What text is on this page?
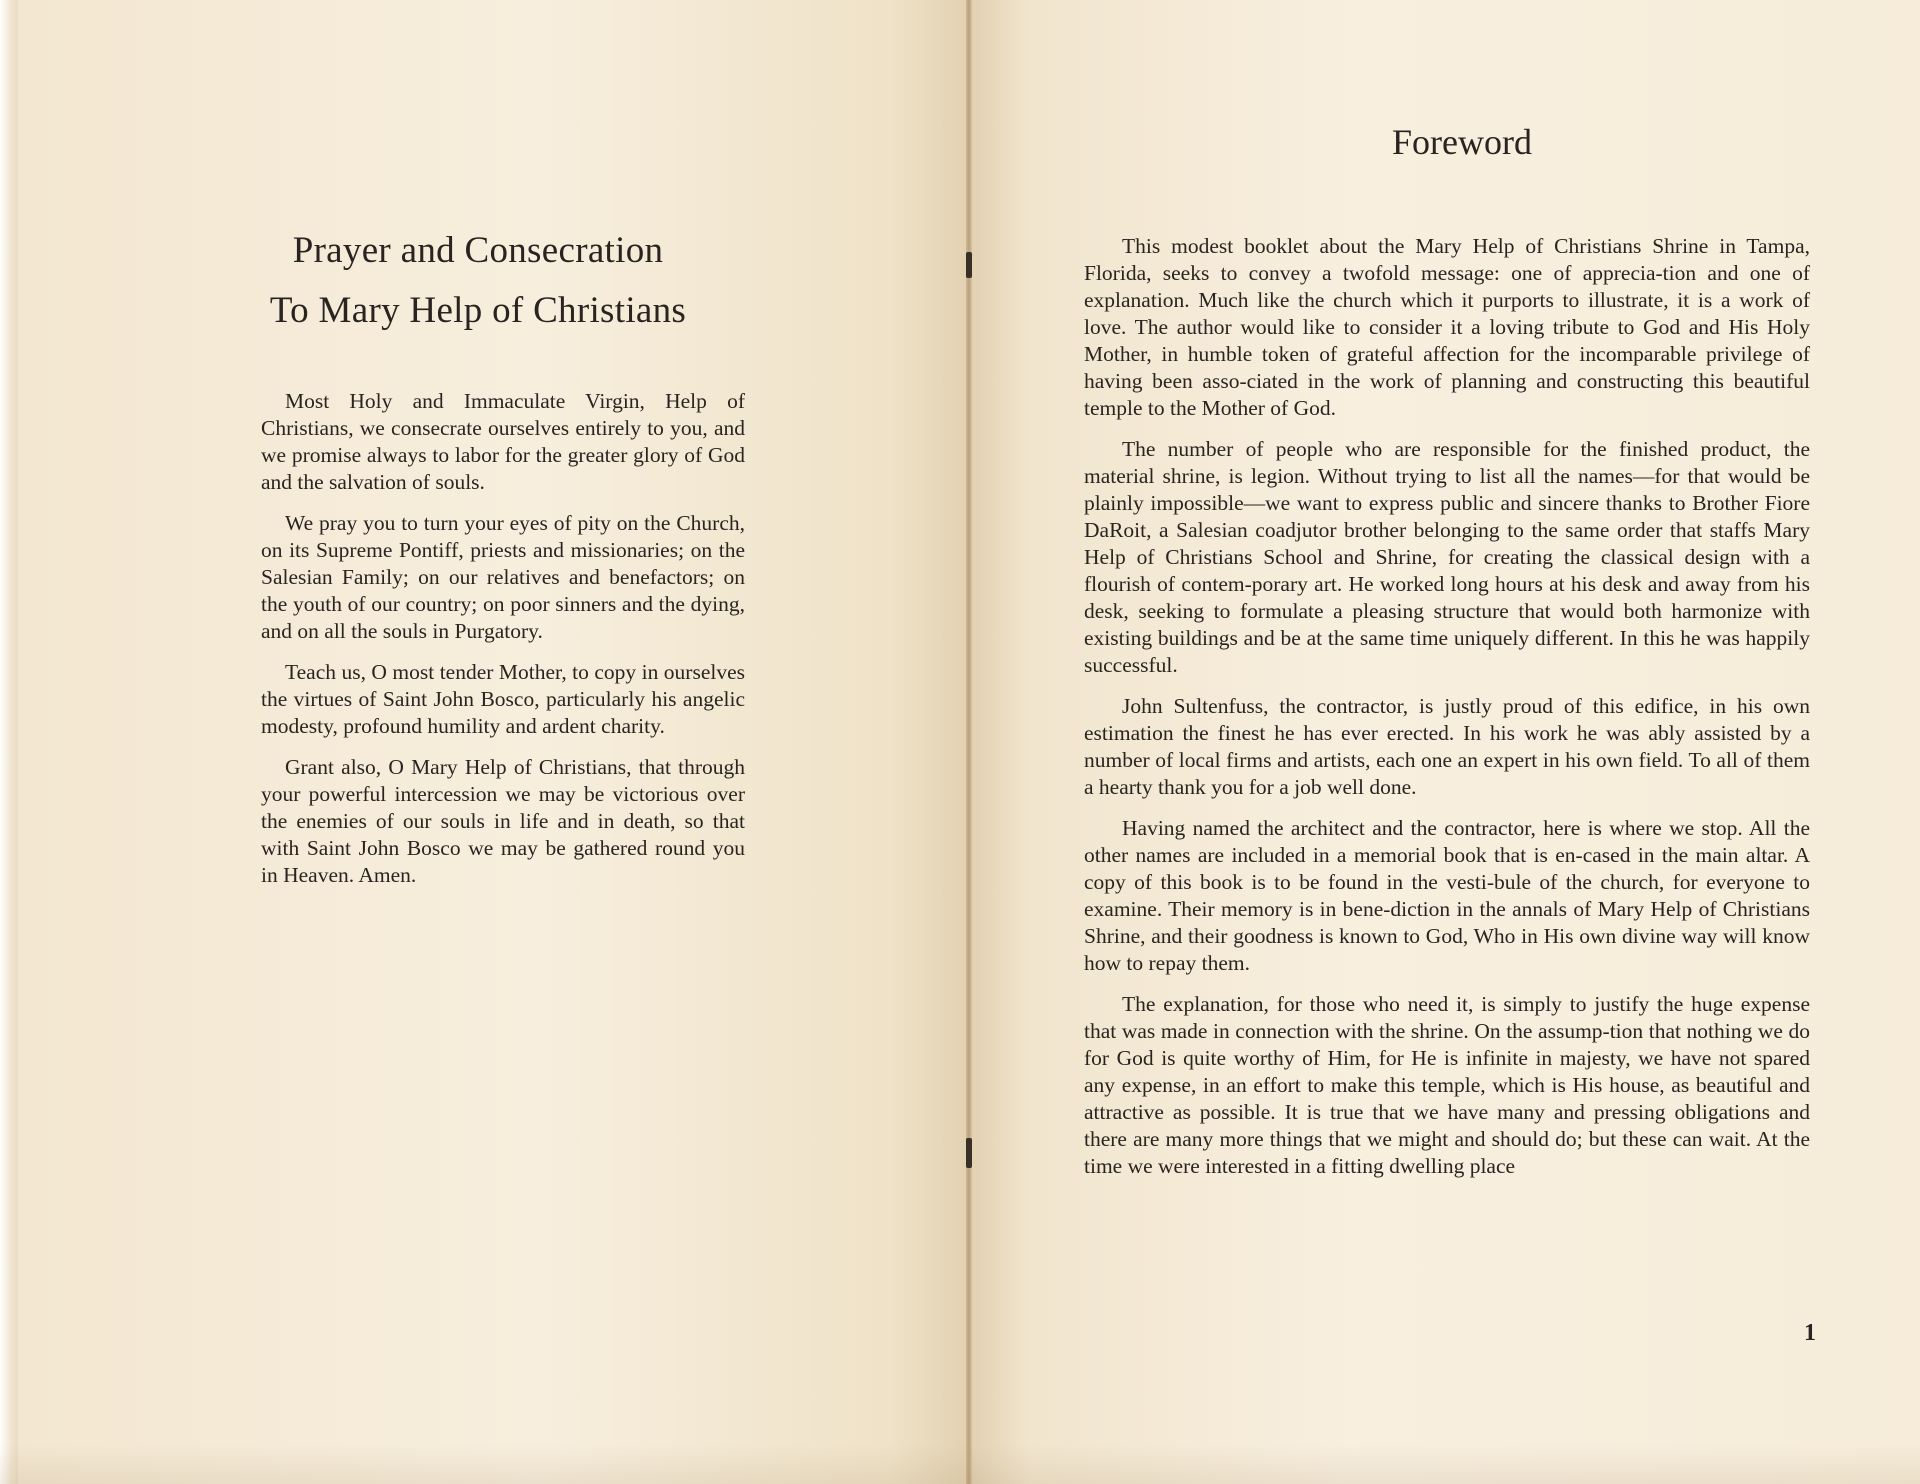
Prayer and Consecration
To Mary Help of Christians

Most Holy and Immaculate Virgin, Help of Christians, we consecrate ourselves entirely to you, and we promise always to labor for the greater glory of God and the salvation of souls.

We pray you to turn your eyes of pity on the Church, on its Supreme Pontiff, priests and missionaries; on the Salesian Family; on our relatives and benefactors; on the youth of our country; on poor sinners and the dying, and on all the souls in Purgatory.

Teach us, O most tender Mother, to copy in ourselves the virtues of Saint John Bosco, particularly his angelic modesty, profound humility and ardent charity.

Grant also, O Mary Help of Christians, that through your powerful intercession we may be victorious over the enemies of our souls in life and in death, so that with Saint John Bosco we may be gathered round you in Heaven. Amen.

Foreword

This modest booklet about the Mary Help of Christians Shrine in Tampa, Florida, seeks to convey a twofold message: one of apprecia-tion and one of explanation. Much like the church which it purports to illustrate, it is a work of love. The author would like to consider it a loving tribute to God and His Holy Mother, in humble token of grateful affection for the incomparable privilege of having been asso-ciated in the work of planning and constructing this beautiful temple to the Mother of God.

The number of people who are responsible for the finished product, the material shrine, is legion. Without trying to list all the names—for that would be plainly impossible—we want to express public and sincere thanks to Brother Fiore DaRoit, a Salesian coadjutor brother belonging to the same order that staffs Mary Help of Christians School and Shrine, for creating the classical design with a flourish of contem-porary art. He worked long hours at his desk and away from his desk, seeking to formulate a pleasing structure that would both harmonize with existing buildings and be at the same time uniquely different. In this he was happily successful.

John Sultenfuss, the contractor, is justly proud of this edifice, in his own estimation the finest he has ever erected. In his work he was ably assisted by a number of local firms and artists, each one an expert in his own field. To all of them a hearty thank you for a job well done.

Having named the architect and the contractor, here is where we stop. All the other names are included in a memorial book that is en-cased in the main altar. A copy of this book is to be found in the vesti-bule of the church, for everyone to examine. Their memory is in bene-diction in the annals of Mary Help of Christians Shrine, and their goodness is known to God, Who in His own divine way will know how to repay them.

The explanation, for those who need it, is simply to justify the huge expense that was made in connection with the shrine. On the assump-tion that nothing we do for God is quite worthy of Him, for He is infinite in majesty, we have not spared any expense, in an effort to make this temple, which is His house, as beautiful and attractive as possible. It is true that we have many and pressing obligations and there are many more things that we might and should do; but these can wait. At the time we were interested in a fitting dwelling place

1
